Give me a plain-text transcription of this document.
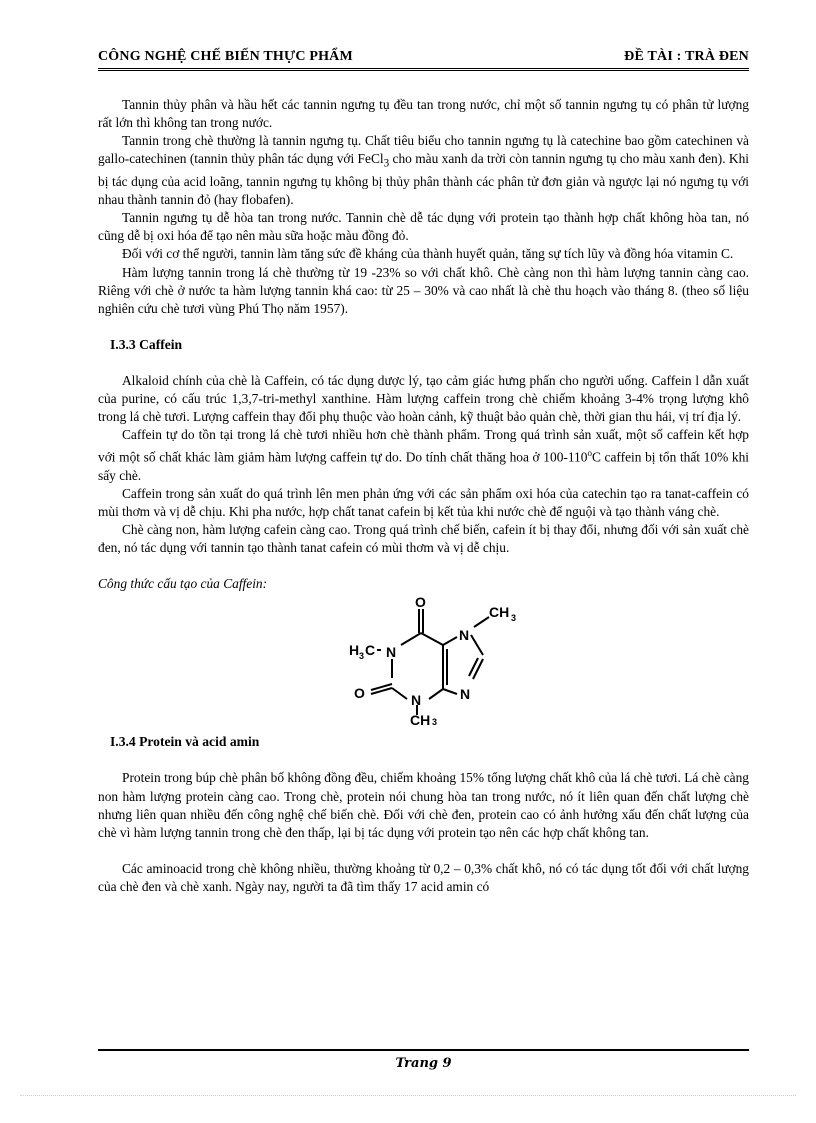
CÔNG NGHỆ CHẾ BIẾN THỰC PHẨM	ĐỀ TÀI : TRÀ ĐEN

Tannin thủy phân và hầu hết các tannin ngưng tụ đều tan trong nước, chỉ một số tannin ngưng tụ có phân tử lượng rất lớn thì không tan trong nước.

Tannin trong chè thường là tannin ngưng tụ. Chất tiêu biểu cho tannin ngưng tụ là catechine bao gồm catechinen và gallo-catechinen (tannin thủy phân tác dụng với FeCl$_3$ cho màu xanh da trời còn tannin ngưng tụ cho màu xanh đen). Khi bị tác dụng của acid loãng, tannin ngưng tụ không bị thủy phân thành các phân tử đơn giản và ngược lại nó ngưng tụ với nhau thành tannin đỏ (hay flobafen).

Tannin ngưng tụ dễ hòa tan trong nước. Tannin chè dễ tác dụng với protein tạo thành hợp chất không hòa tan, nó cũng dễ bị oxi hóa để tạo nên màu sữa hoặc màu đồng đỏ.

Đối với cơ thể người, tannin làm tăng sức đề kháng của thành huyết quản, tăng sự tích lũy và đồng hóa vitamin C.

Hàm lượng tannin trong lá chè thường từ 19 -23% so với chất khô. Chè càng non thì hàm lượng tannin càng cao. Riêng với chè ở nước ta hàm lượng tannin khá cao: từ 25 – 30% và cao nhất là chè thu hoạch vào tháng 8. (theo số liệu nghiên cứu chè tươi vùng Phú Thọ năm 1957).

I.3.3 Caffein

Alkaloid chính của chè là Caffein, có tác dụng dược lý, tạo cảm giác hưng phấn cho người uống. Caffein l dẫn xuất của purine, có cấu trúc 1,3,7-tri-methyl xanthine. Hàm lượng caffein trong chè chiếm khoảng 3-4% trọng lượng khô trong lá chè tươi. Lượng caffein thay đổi phụ thuộc vào hoàn cảnh, kỹ thuật bảo quản chè, thời gian thu hái, vị trí địa lý.

Caffein tự do tồn tại trong lá chè tươi nhiều hơn chè thành phẩm. Trong quá trình sản xuất, một số caffein kết hợp với một số chất khác làm giảm hàm lượng caffein tự do. Do tính chất thăng hoa ở 100-110$^o$C caffein bị tổn thất 10% khi sấy chè.

Caffein trong sản xuất do quá trình lên men phản ứng với các sản phẩm oxi hóa của catechin tạo ra tanat-caffein có mùi thơm và vị dễ chịu. Khi pha nước, hợp chất tanat cafein bị kết tủa khi nước chè để nguội và tạo thành váng chè.

Chè càng non, hàm lượng cafein càng cao. Trong quá trình chế biến, cafein ít bị thay đổi, nhưng đối với sản xuất chè đen, nó tác dụng với tannin tạo thành tanat cafein có mùi thơm và vị dễ chịu.

Công thức cấu tạo của Caffein:

O
CH 3
H 3 C N
N
N
N
O
CH 3

I.3.4 Protein và acid amin

Protein trong búp chè phân bố không đồng đều, chiếm khoảng 15% tổng lượng chất khô của lá chè tươi. Lá chè càng non hàm lượng protein càng cao. Trong chè, protein nói chung hòa tan trong nước, nó ít liên quan đến chất lượng chè nhưng liên quan nhiều đến công nghệ chế biến chè. Đối với chè đen, protein cao có ảnh hưởng xấu đến chất lượng của chè vì hàm lượng tannin trong chè đen thấp, lại bị tác dụng với protein tạo nên các hợp chất không tan.

Các aminoacid trong chè không nhiều, thường khoảng từ 0,2 – 0,3% chất khô, nó có tác dụng tốt đối với chất lượng của chè đen và chè xanh. Ngày nay, người ta đã tìm thấy 17 acid amin có

Trang 9
